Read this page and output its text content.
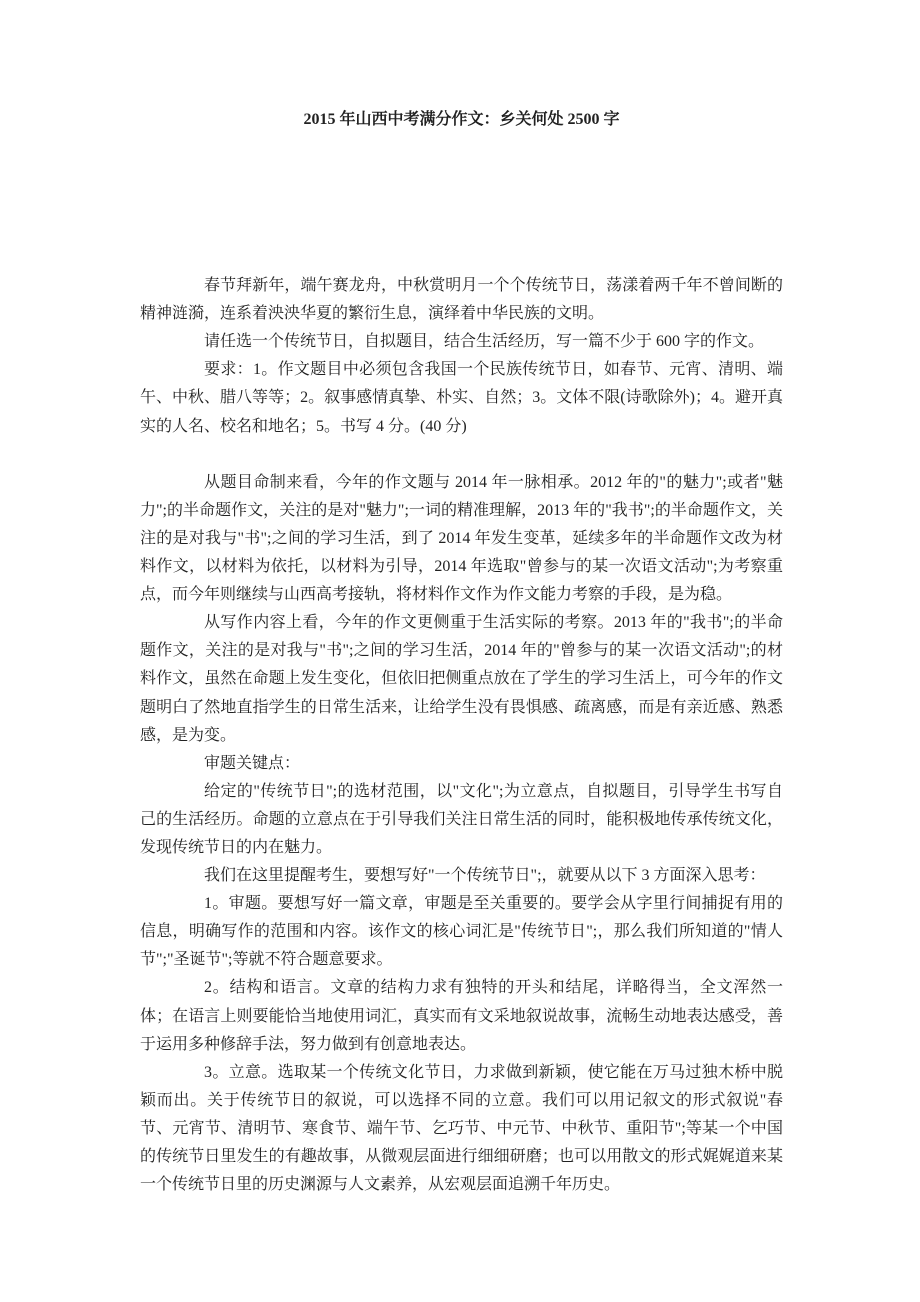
2015 年山西中考满分作文：乡关何处 2500 字

春节拜新年，端午赛龙舟，中秋赏明月一个个传统节日，荡漾着两千年不曾间断的精神涟漪，连系着泱泱华夏的繁衍生息，演绎着中华民族的文明。

请任选一个传统节日，自拟题目，结合生活经历，写一篇不少于 600 字的作文。

要求：1。作文题目中必须包含我国一个民族传统节日，如春节、元宵、清明、端午、中秋、腊八等等；2。叙事感情真挚、朴实、自然；3。文体不限(诗歌除外)；4。避开真实的人名、校名和地名；5。书写 4 分。(40 分)

从题目命制来看，今年的作文题与 2014 年一脉相承。2012 年的"的魅力";或者"魅力";的半命题作文，关注的是对"魅力";一词的精准理解，2013 年的"我书";的半命题作文，关注的是对我与"书";之间的学习生活，到了 2014 年发生变革，延续多年的半命题作文改为材料作文，以材料为依托，以材料为引导，2014 年选取"曾参与的某一次语文活动";为考察重点，而今年则继续与山西高考接轨，将材料作文作为作文能力考察的手段，是为稳。

从写作内容上看，今年的作文更侧重于生活实际的考察。2013 年的"我书";的半命题作文，关注的是对我与"书";之间的学习生活，2014 年的"曾参与的某一次语文活动";的材料作文，虽然在命题上发生变化，但依旧把侧重点放在了学生的学习生活上，可今年的作文题明白了然地直指学生的日常生活来，让给学生没有畏惧感、疏离感，而是有亲近感、熟悉感，是为变。

审题关键点：

给定的"传统节日";的选材范围，以"文化";为立意点，自拟题目，引导学生书写自己的生活经历。命题的立意点在于引导我们关注日常生活的同时，能积极地传承传统文化，发现传统节日的内在魅力。

我们在这里提醒考生，要想写好"一个传统节日";，就要从以下 3 方面深入思考：

1。审题。要想写好一篇文章，审题是至关重要的。要学会从字里行间捕捉有用的信息，明确写作的范围和内容。该作文的核心词汇是"传统节日";，那么我们所知道的"情人节";"圣诞节";等就不符合题意要求。

2。结构和语言。文章的结构力求有独特的开头和结尾，详略得当，全文浑然一体；在语言上则要能恰当地使用词汇，真实而有文采地叙说故事，流畅生动地表达感受，善于运用多种修辞手法，努力做到有创意地表达。

3。立意。选取某一个传统文化节日，力求做到新颖，使它能在万马过独木桥中脱颖而出。关于传统节日的叙说，可以选择不同的立意。我们可以用记叙文的形式叙说"春节、元宵节、清明节、寒食节、端午节、乞巧节、中元节、中秋节、重阳节";等某一个中国的传统节日里发生的有趣故事，从微观层面进行细细研磨；也可以用散文的形式娓娓道来某一个传统节日里的历史渊源与人文素养，从宏观层面追溯千年历史。
